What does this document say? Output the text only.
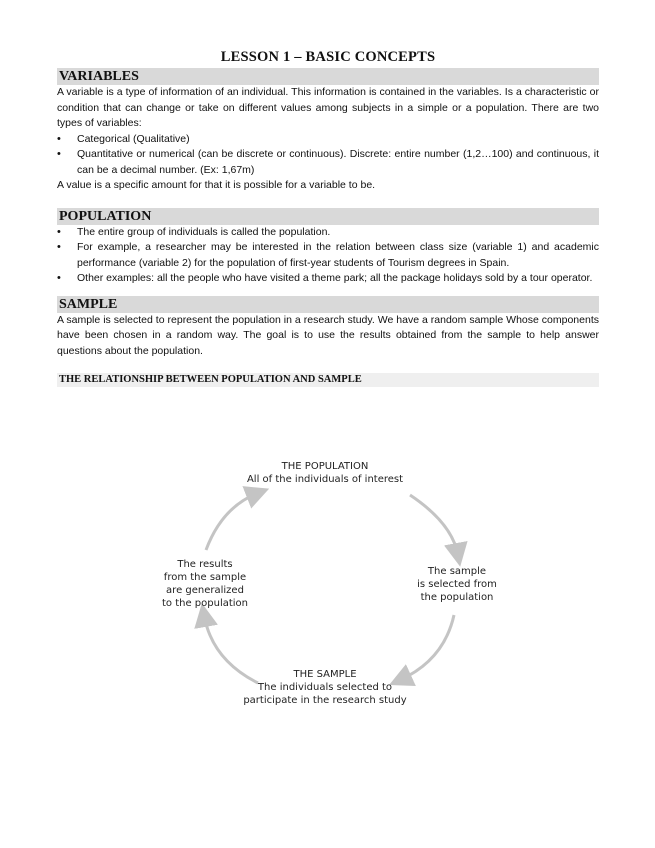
LESSON 1 – BASIC CONCEPTS
VARIABLES

A variable is a type of information of an individual. This information is contained in the variables. Is a characteristic or condition that can change or take on different values among subjects in a simple or a population. There are two types of variables:

• Categorical (Qualitative)
• Quantitative or numerical (can be discrete or continuous). Discrete: entire number (1,2…100) and continuous, it can be a decimal number. (Ex: 1,67m)

A value is a specific amount for that it is possible for a variable to be.

POPULATION
• The entire group of individuals is called the population.
• For example, a researcher may be interested in the relation between class size (variable 1) and academic performance (variable 2) for the population of first-year students of Tourism degrees in Spain.
• Other examples: all the people who have visited a theme park; all the package holidays sold by a tour operator.
SAMPLE

A sample is selected to represent the population in a research study. We have a random sample Whose components have been chosen in a random way. The goal is to use the results obtained from the sample to help answer questions about the population.

THE RELATIONSHIP BETWEEN POPULATION AND SAMPLE
THE POPULATION
All of the individuals of interest
The sample
is selected from
the population
THE SAMPLE
The individuals selected to
participate in the research study
The results
from the sample
are generalized
to the population
